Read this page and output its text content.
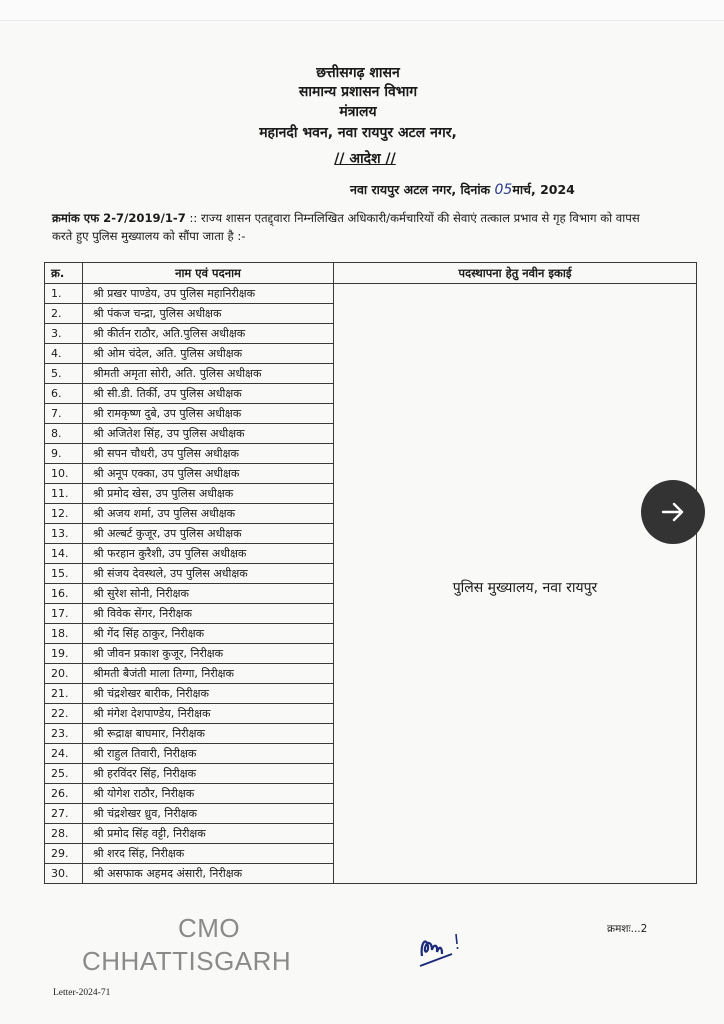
छत्तीसगढ़ शासन
सामान्य प्रशासन विभाग
मंत्रालय
महानदी भवन, नवा रायपुर अटल नगर,
// आदेश //
नवा रायपुर अटल नगर, दिनांक 05मार्च, 2024
क्रमांक एफ 2-7/2019/1-7 :: राज्य शासन एतद्द्वारा निम्नलिखित अधिकारी/कर्मचारियों की सेवाएं तत्काल प्रभाव से गृह विभाग को वापस करते हुए पुलिस मुख्यालय को सौंपा जाता है :-
क्र.	नाम एवं पदनाम	पदस्थापना हेतु नवीन इकाई
1.	श्री प्रखर पाण्डेय, उप पुलिस महानिरीक्षक	पुलिस मुख्यालय, नवा रायपुर
2.	श्री पंकज चन्द्रा, पुलिस अधीक्षक	
3.	श्री कीर्तन राठौर, अति.पुलिस अधीक्षक	
4.	श्री ओम चंदेल, अति. पुलिस अधीक्षक	
5.	श्रीमती अमृता सोरी, अति. पुलिस अधीक्षक	
6.	श्री सी.डी. तिर्की, उप पुलिस अधीक्षक	
7.	श्री रामकृष्ण दुबे, उप पुलिस अधीक्षक	
8.	श्री अजितेश सिंह, उप पुलिस अधीक्षक	
9.	श्री सपन चौधरी, उप पुलिस अधीक्षक	
10.	श्री अनूप एक्का, उप पुलिस अधीक्षक	
11.	श्री प्रमोद खेस, उप पुलिस अधीक्षक	
12.	श्री अजय शर्मा, उप पुलिस अधीक्षक	
13.	श्री अल्बर्ट कुजूर, उप पुलिस अधीक्षक	
14.	श्री फरहान कुरैशी, उप पुलिस अधीक्षक	
15.	श्री संजय देवस्थले, उप पुलिस अधीक्षक	
16.	श्री सुरेश सोनी, निरीक्षक	
17.	श्री विवेक सेंगर, निरीक्षक	
18.	श्री गेंद सिंह ठाकुर, निरीक्षक	
19.	श्री जीवन प्रकाश कुजूर, निरीक्षक	
20.	श्रीमती बैजंती माला तिग्गा, निरीक्षक	
21.	श्री चंद्रशेखर बारीक, निरीक्षक	
22.	श्री मंगेश देशपाण्डेय, निरीक्षक	
23.	श्री रूद्राक्ष बाघमार, निरीक्षक	
24.	श्री राहुल तिवारी, निरीक्षक	
25.	श्री हरविंदर सिंह, निरीक्षक	
26.	श्री योगेश राठौर, निरीक्षक	
27.	श्री चंद्रशेखर ध्रुव, निरीक्षक	
28.	श्री प्रमोद सिंह वट्टी, निरीक्षक	
29.	श्री शरद सिंह, निरीक्षक	
30.	श्री असफाक अहमद अंसारी, निरीक्षक	
CMO
CHHATTISGARH
क्रमशः...2
Letter-2024-71
